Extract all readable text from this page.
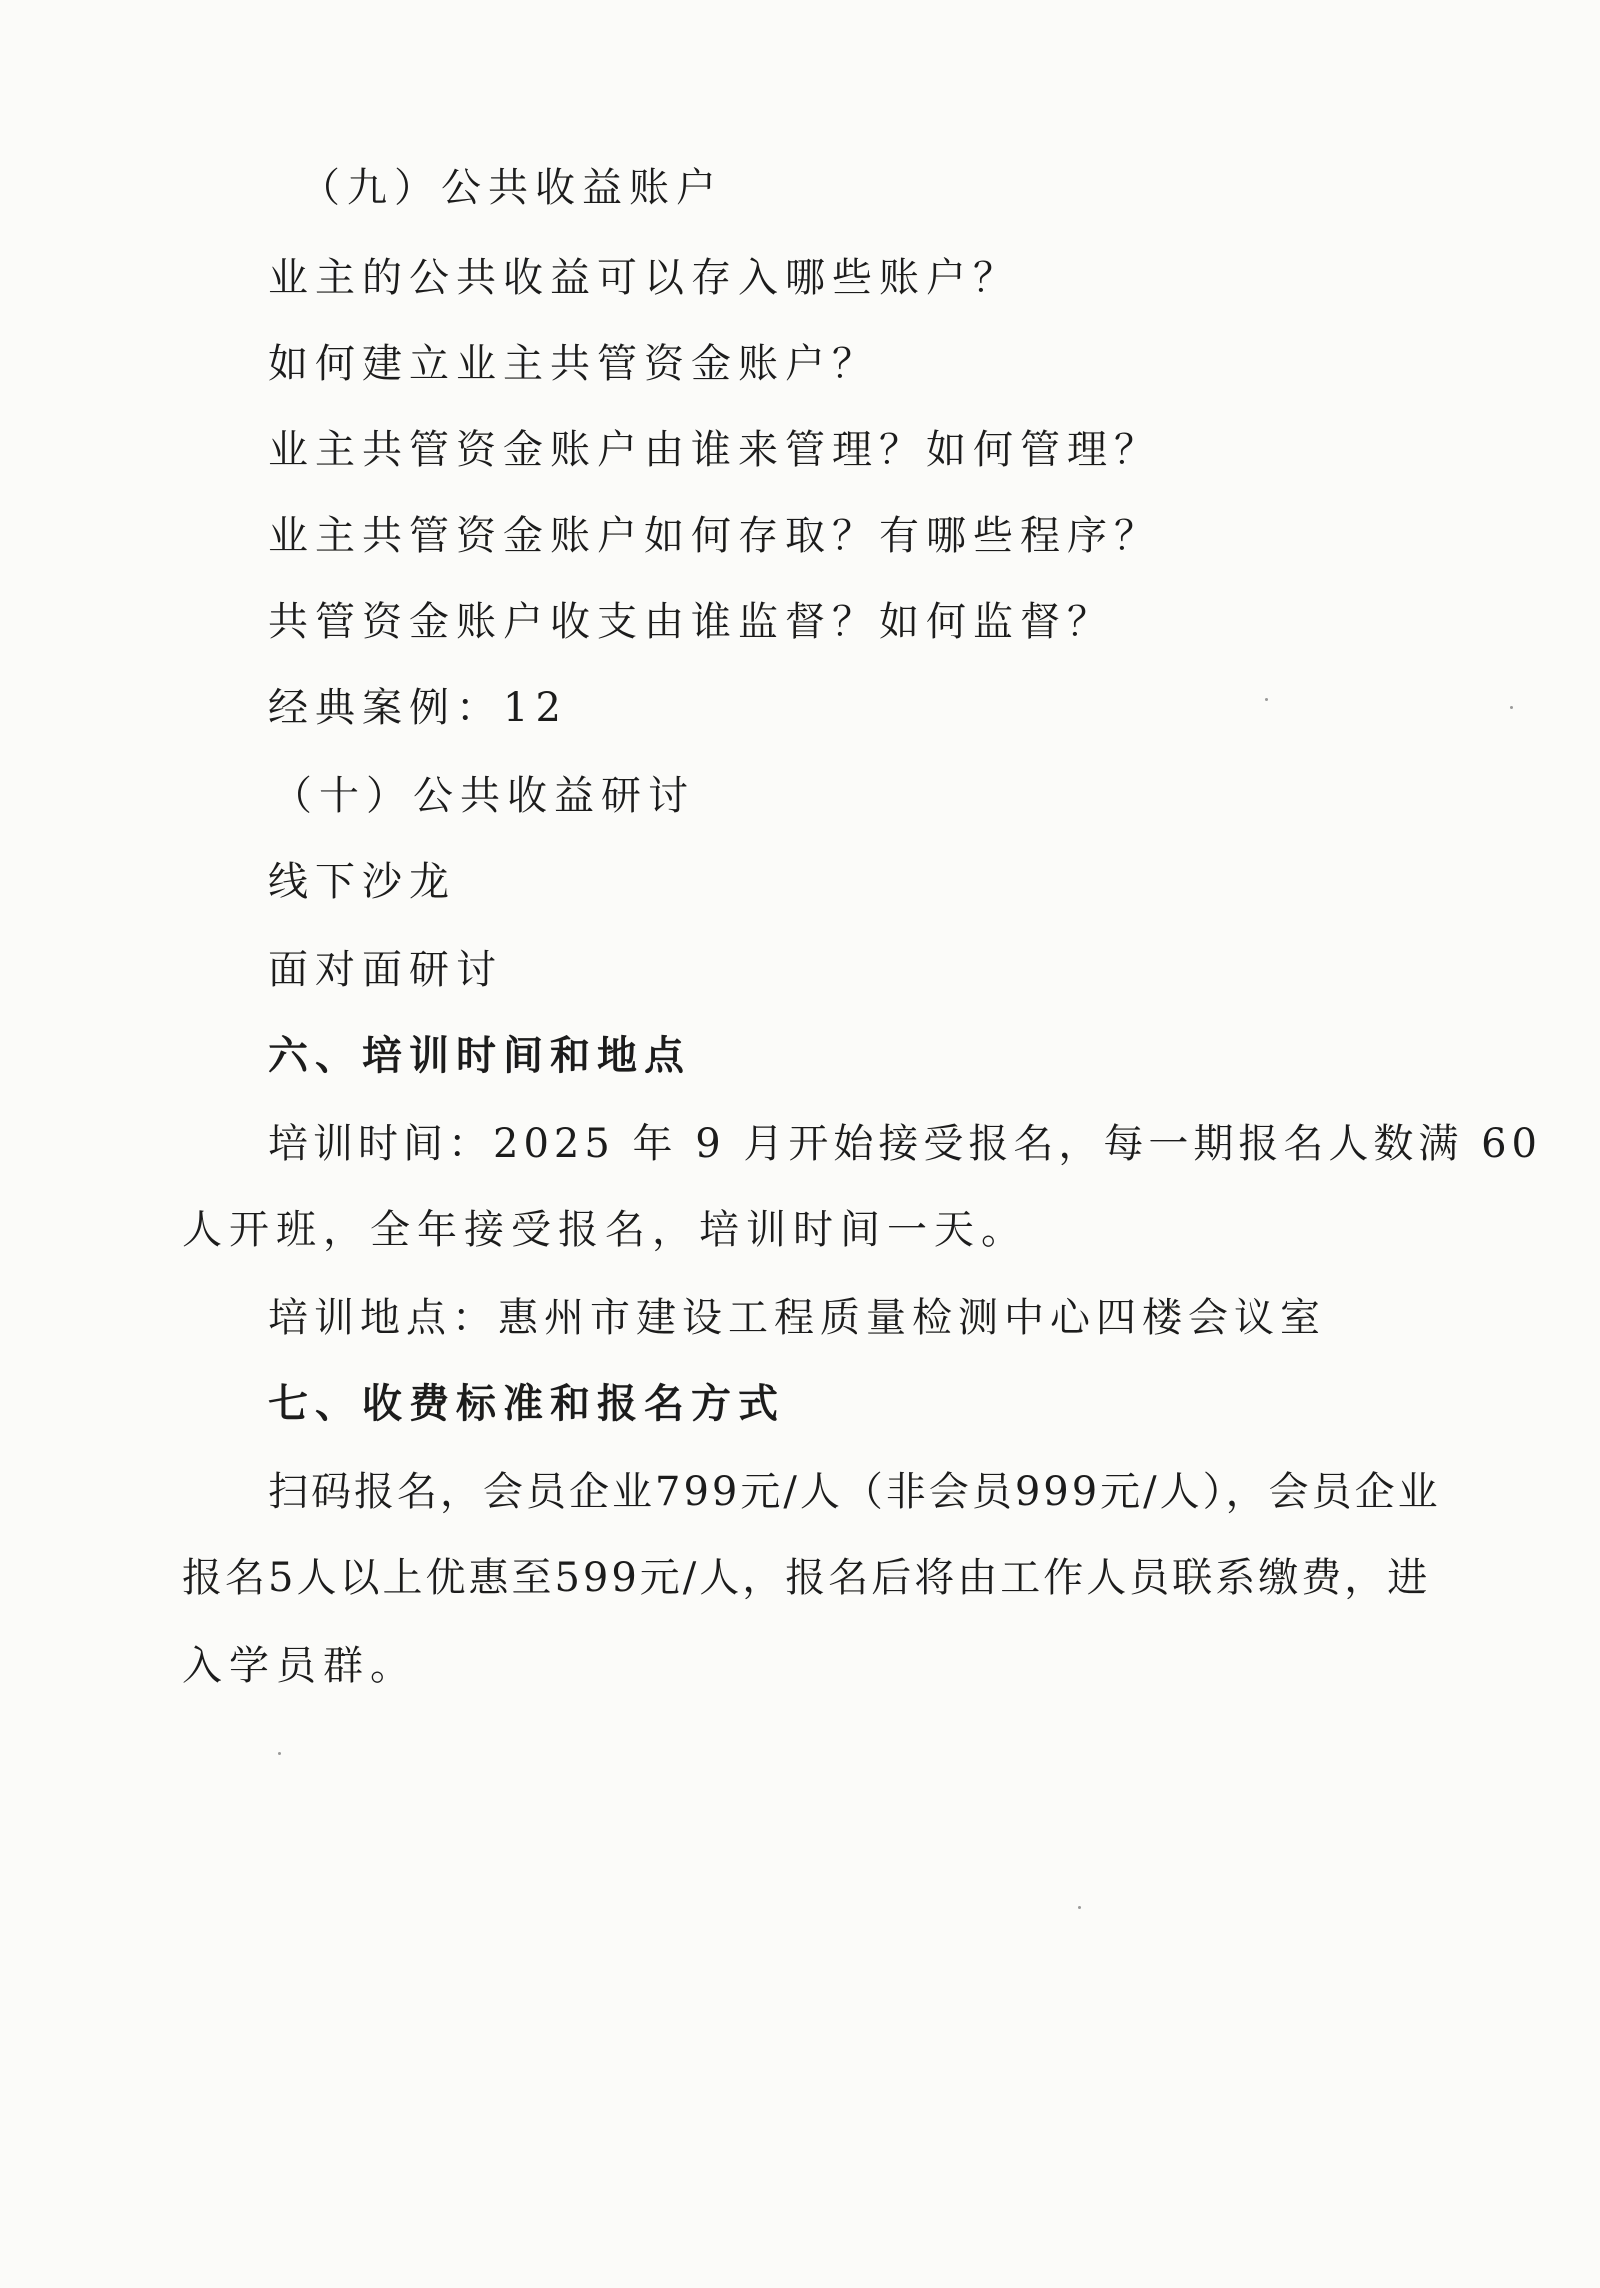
（九）公共收益账户
业主的公共收益可以存入哪些账户？
如何建立业主共管资金账户？
业主共管资金账户由谁来管理？如何管理？
业主共管资金账户如何存取？有哪些程序？
共管资金账户收支由谁监督？如何监督？
经典案例：12
（十）公共收益研讨
线下沙龙
面对面研讨
六、培训时间和地点
培训时间：2025 年 9 月开始接受报名，每一期报名人数满 60
人开班，全年接受报名，培训时间一天。
培训地点：惠州市建设工程质量检测中心四楼会议室
七、收费标准和报名方式
扫码报名，会员企业799元/人（非会员999元/人），会员企业
报名5人以上优惠至599元/人，报名后将由工作人员联系缴费，进
入学员群。
